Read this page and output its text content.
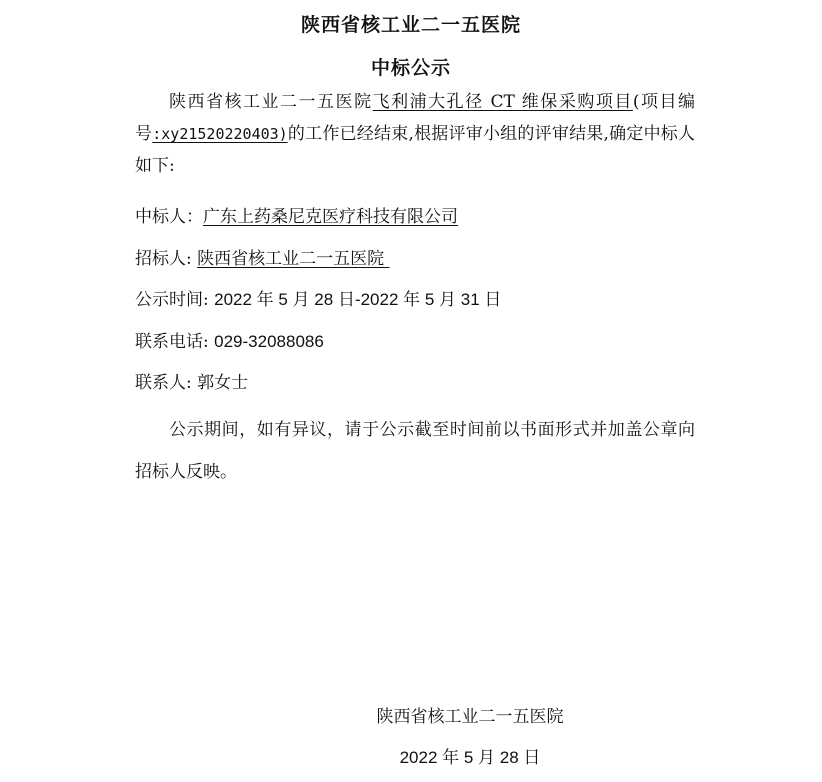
陕西省核工业二一五医院
中标公示
陕西省核工业二一五医院飞利浦大孔径 CT 维保采购项目(项目编号:xy21520220403)的工作已经结束,根据评审小组的评审结果,确定中标人如下:
中标人：广东上药桑尼克医疗科技有限公司
招标人: 陕西省核工业二一五医院
公示时间: 2022 年 5 月 28 日-2022 年 5 月 31 日
联系电话: 029-32088086
联系人: 郭女士
公示期间，如有异议，请于公示截至时间前以书面形式并加盖公章向招标人反映。
陕西省核工业二一五医院
2022 年 5 月 28 日
